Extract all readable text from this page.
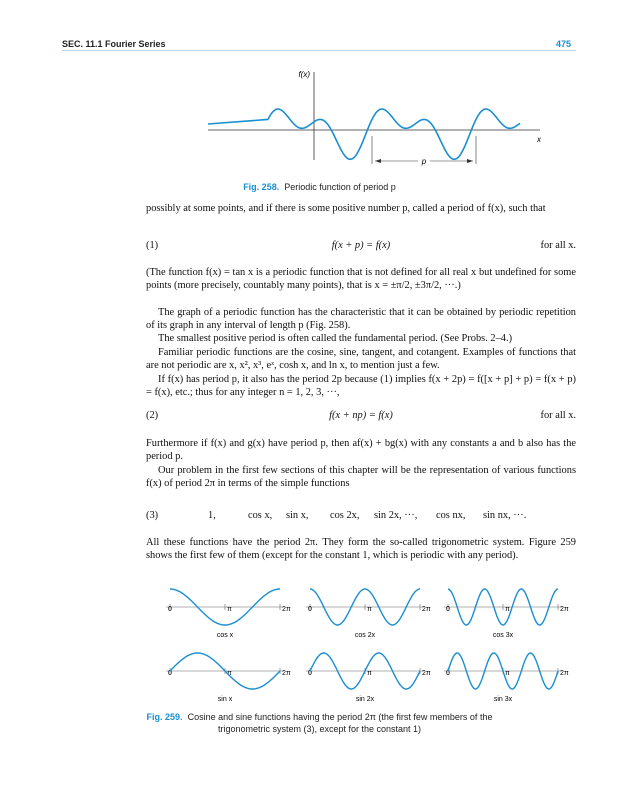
SEC. 11.1 Fourier Series	475
f(x)
x
p
Fig. 258. Periodic function of period p
possibly at some points, and if there is some positive number p, called a period of f(x), such that
(1)	f(x + p) = f(x)	for all x.
(The function f(x) = tan x is a periodic function that is not defined for all real x but undefined for some points (more precisely, countably many points), that is x = ±π/2, ±3π/2, ···.)
The graph of a periodic function has the characteristic that it can be obtained by periodic repetition of its graph in any interval of length p (Fig. 258).
The smallest positive period is often called the fundamental period. (See Probs. 2–4.)
Familiar periodic functions are the cosine, sine, tangent, and cotangent. Examples of functions that are not periodic are x, x², x³, eˣ, cosh x, and ln x, to mention just a few.
If f(x) has period p, it also has the period 2p because (1) implies f(x + 2p) = f([x + p] + p) = f(x + p) = f(x), etc.; thus for any integer n = 1, 2, 3, ···,
(2)	f(x + np) = f(x)	for all x.
Furthermore if f(x) and g(x) have period p, then af(x) + bg(x) with any constants a and b also has the period p.
Our problem in the first few sections of this chapter will be the representation of various functions f(x) of period 2π in terms of the simple functions
(3)	1,	cos x, sin x, cos 2x, sin 2x, ···, cos nx, sin nx, ···.
All these functions have the period 2π. They form the so-called trigonometric system. Figure 259 shows the first few of them (except for the constant 1, which is periodic with any period).
0	π	2π
cos x
0	π	2π
cos 2x
0	π	2π
cos 3x
0	π	2π
sin x
0	π	2π
sin 2x
0	π	2π
sin 3x
Fig. 259. Cosine and sine functions having the period 2π (the first few members of the
trigonometric system (3), except for the constant 1)
